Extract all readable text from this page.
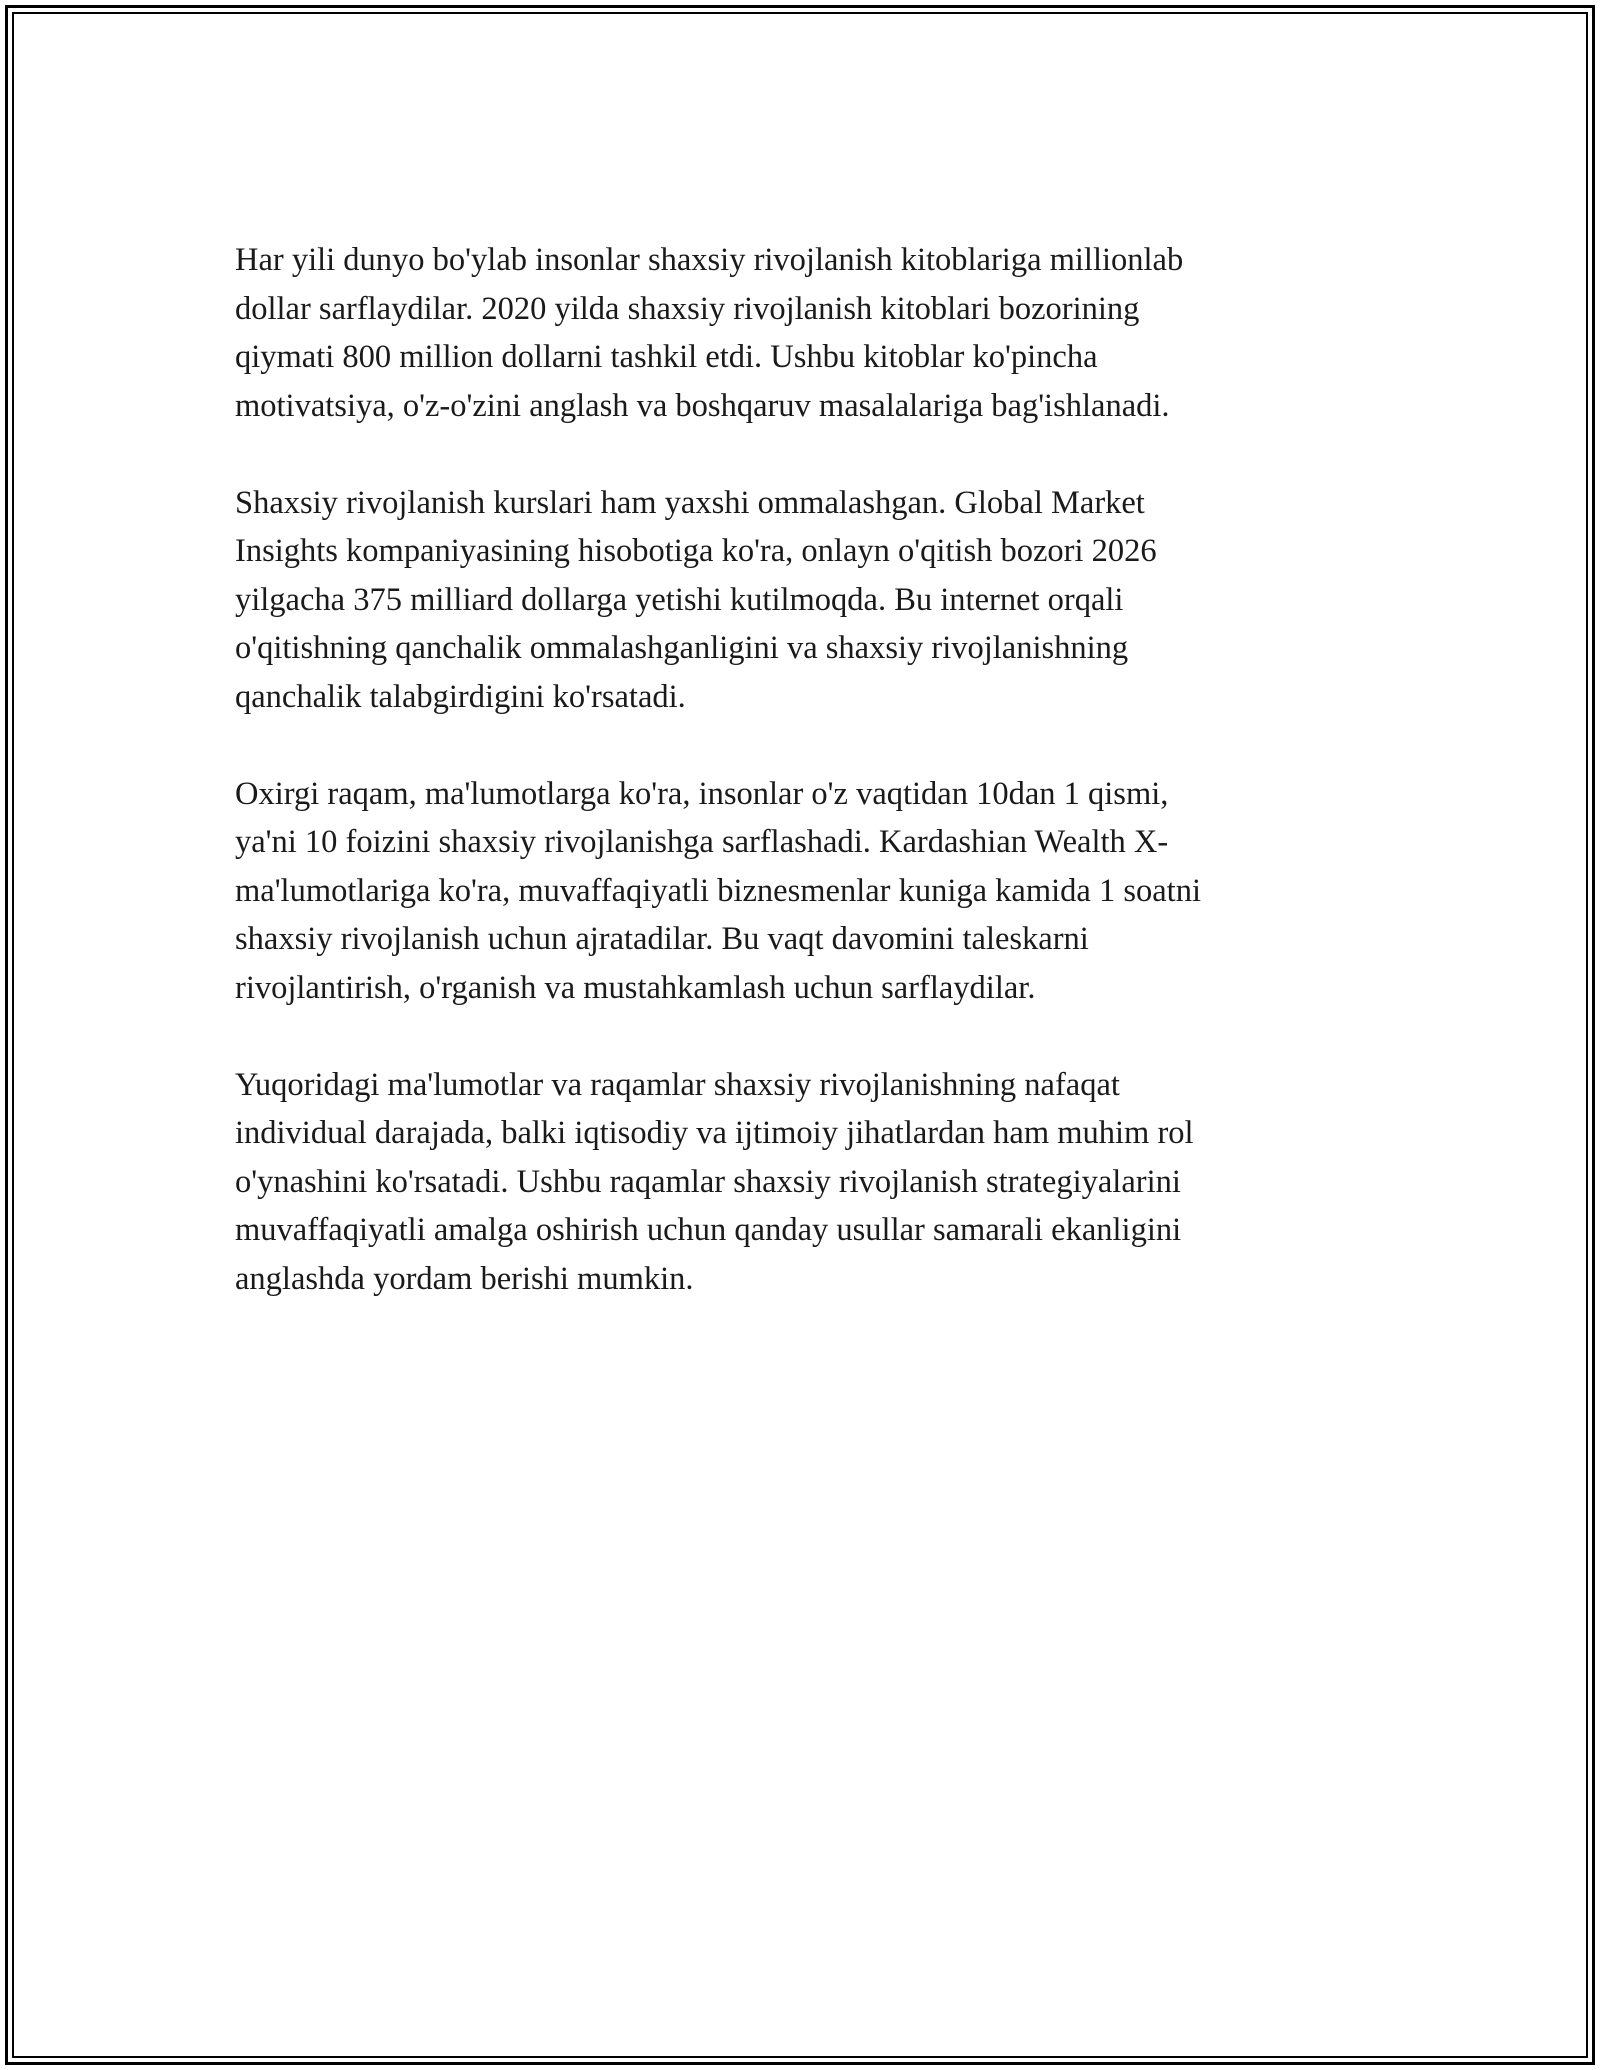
Har yili dunyo bo'ylab insonlar shaxsiy rivojlanish kitoblariga millionlab
dollar sarflaydilar. 2020 yilda shaxsiy rivojlanish kitoblari bozorining
qiymati 800 million dollarni tashkil etdi. Ushbu kitoblar ko'pincha
motivatsiya, o'z-o'zini anglash va boshqaruv masalalariga bag'ishlanadi.

Shaxsiy rivojlanish kurslari ham yaxshi ommalashgan. Global Market
Insights kompaniyasining hisobotiga ko'ra, onlayn o'qitish bozori 2026
yilgacha 375 milliard dollarga yetishi kutilmoqda. Bu internet orqali
o'qitishning qanchalik ommalashganligini va shaxsiy rivojlanishning
qanchalik talabgirdigini ko'rsatadi.

Oxirgi raqam, ma'lumotlarga ko'ra, insonlar o'z vaqtidan 10dan 1 qismi,
ya'ni 10 foizini shaxsiy rivojlanishga sarflashadi. Kardashian Wealth X-
ma'lumotlariga ko'ra, muvaffaqiyatli biznesmenlar kuniga kamida 1 soatni
shaxsiy rivojlanish uchun ajratadilar. Bu vaqt davomini taleskarni
rivojlantirish, o'rganish va mustahkamlash uchun sarflaydilar.

Yuqoridagi ma'lumotlar va raqamlar shaxsiy rivojlanishning nafaqat
individual darajada, balki iqtisodiy va ijtimoiy jihatlardan ham muhim rol
o'ynashini ko'rsatadi. Ushbu raqamlar shaxsiy rivojlanish strategiyalarini
muvaffaqiyatli amalga oshirish uchun qanday usullar samarali ekanligini
anglashda yordam berishi mumkin.
